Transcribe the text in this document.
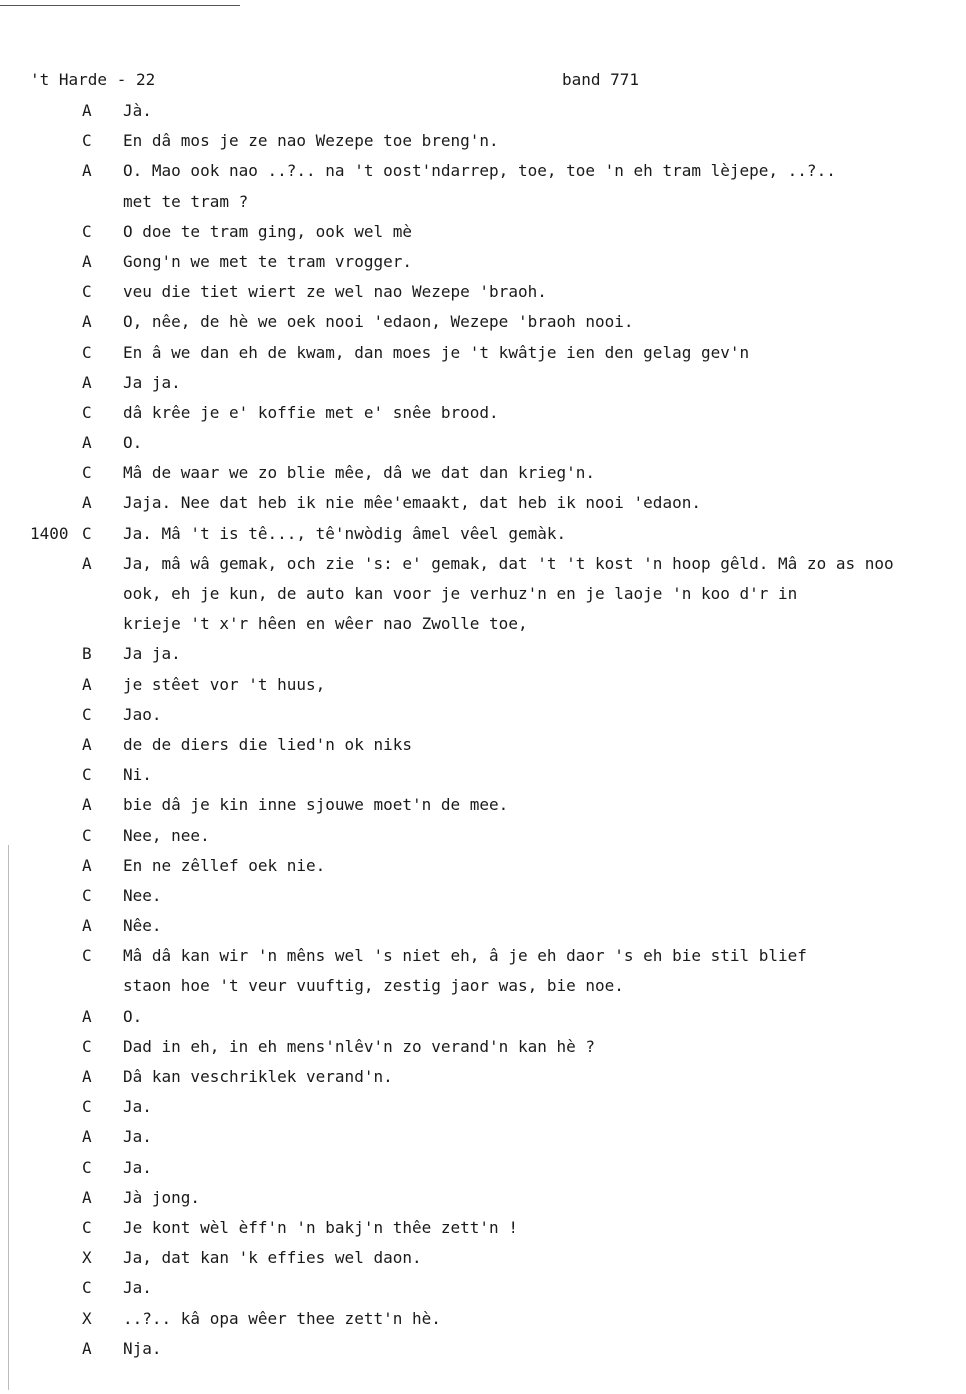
't Harde - 22	band 771
A	Jà.
C	En dâ mos je ze nao Wezepe toe breng'n.
A	O. Mao ook nao ..?.. na 't oost'ndarrep, toe, toe 'n eh tram lèjepe, ..?..
met te tram ?
C	O doe te tram ging, ook wel mè
A	Gong'n we met te tram vrogger.
C	veu die tiet wiert ze wel nao Wezepe 'braoh.
A	O, nêe, de hè we oek nooi 'edaon, Wezepe 'braoh nooi.
C	En â we dan eh de kwam, dan moes je 't kwâtje ien den gelag gev'n
A	Ja ja.
C	dâ krêe je e' koffie met e' snêe brood.
A	O.
C	Mâ de waar we zo blie mêe, dâ we dat dan krieg'n.
A	Jaja. Nee dat heb ik nie mêe'emaakt, dat heb ik nooi 'edaon.
1400 C	Ja. Mâ 't is tê..., tê'nwòdig âmel vêel gemàk.
A	Ja, mâ wâ gemak, och zie 's: e' gemak, dat 't 't kost 'n hoop gêld. Mâ zo as noo
ook, eh je kun, de auto kan voor je verhuz'n en je laoje 'n koo d'r in
krieje 't x'r hêen en wêer nao Zwolle toe,
B	Ja ja.
A	je stêet vor 't huus,
C	Jao.
A	de de diers die lied'n ok niks
C	Ni.
A	bie dâ je kin inne sjouwe moet'n de mee.
C	Nee, nee.
A	En ne zêllef oek nie.
C	Nee.
A	Nêe.
C	Mâ dâ kan wir 'n mêns wel 's niet eh, â je eh daor 's eh bie stil blief
staon hoe 't veur vuuftig, zestig jaor was, bie noe.
A	O.
C	Dad in eh, in eh mens'nlêv'n zo verand'n kan hè ?
A	Dâ kan veschriklek verand'n.
C	Ja.
A	Ja.
C	Ja.
A	Jà jong.
C	Je kont wèl èff'n 'n bakj'n thêe zett'n !
X	Ja, dat kan 'k effies wel daon.
C	Ja.
X	..?.. kâ opa wêer thee zett'n hè.
A	Nja.
